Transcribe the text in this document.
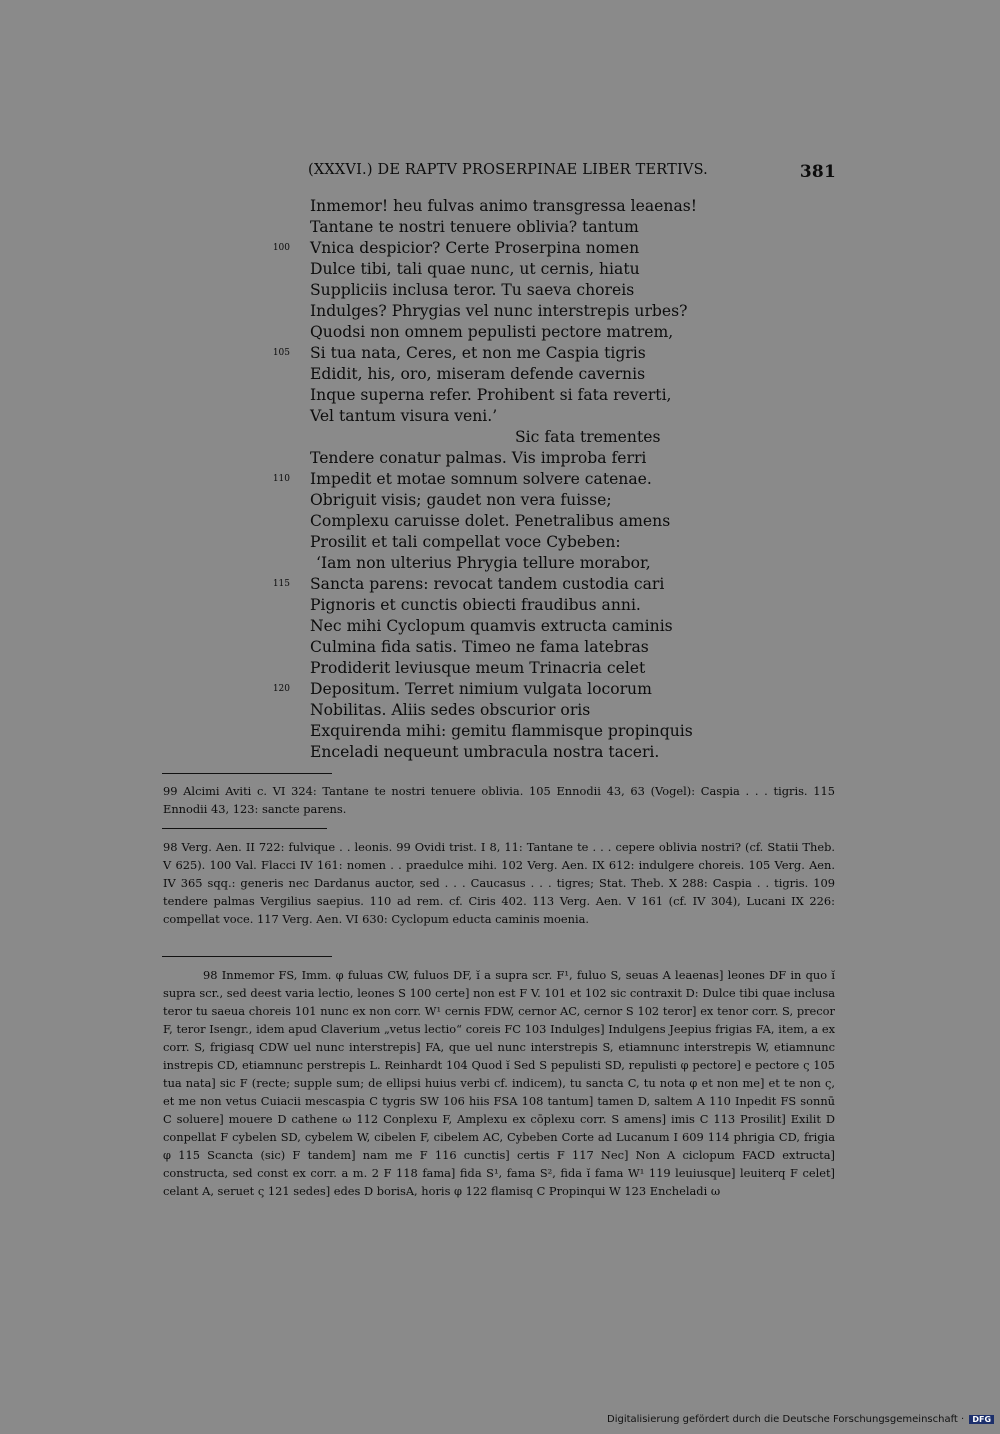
(XXXVI.) DE RAPTV PROSERPINAE LIBER TERTIVS.	381
Inmemor! heu fulvas animo transgressa leaenas!
Tantane te nostri tenuere oblivia? tantum
100 Vnica despicior? Certe Proserpina nomen
Dulce tibi, tali quae nunc, ut cernis, hiatu
Suppliciis inclusa teror. Tu saeva choreis
Indulges? Phrygias vel nunc interstrepis urbes?
Quodsi non omnem pepulisti pectore matrem,
105 Si tua nata, Ceres, et non me Caspia tigris
Edidit, his, oro, miseram defende cavernis
Inque superna refer. Prohibent si fata reverti,
Vel tantum visura veni.’
Sic fata trementes
Tendere conatur palmas. Vis improba ferri
110 Impedit et motae somnum solvere catenae.
Obriguit visis; gaudet non vera fuisse;
Complexu caruisse dolet. Penetralibus amens
Prosilit et tali compellat voce Cybeben:
‘Iam non ulterius Phrygia tellure morabor,
115 Sancta parens: revocat tandem custodia cari
Pignoris et cunctis obiecti fraudibus anni.
Nec mihi Cyclopum quamvis extructa caminis
Culmina fida satis. Timeo ne fama latebras
Prodiderit leviusque meum Trinacria celet
120 Depositum. Terret nimium vulgata locorum
Nobilitas. Aliis sedes obscurior oris
Exquirenda mihi: gemitu flammisque propinquis
Enceladi nequeunt umbracula nostra taceri.

99 Alcimi Aviti c. VI 324: Tantane te nostri tenuere oblivia. 105 Ennodii 43, 63 (Vogel): Caspia . . . tigris. 115 Ennodii 43, 123: sancte parens.

98 Verg. Aen. II 722: fulvique . . leonis. 99 Ovidi trist. I 8, 11: Tantane te . . . cepere oblivia nostri? (cf. Statii Theb. V 625). 100 Val. Flacci IV 161: nomen . . praedulce mihi. 102 Verg. Aen. IX 612: indulgere choreis. 105 Verg. Aen. IV 365 sqq.: generis nec Dardanus auctor, sed . . . Caucasus . . . tigres; Stat. Theb. X 288: Caspia . . tigris. 109 tendere palmas Vergilius saepius. 110 ad rem. cf. Ciris 402. 113 Verg. Aen. V 161 (cf. IV 304), Lucani IX 226: compellat voce. 117 Verg. Aen. VI 630: Cyclopum educta caminis moenia.

98 Inmemor FS, Imm. φ fuluas CW, fuluos DF, ĭ a supra scr. F¹, fuluo S, seuas A leaenas] leones DF in quo ĭ supra scr., sed deest varia lectio, leones S 100 certe] non est F V. 101 et 102 sic contraxit D: Dulce tibi quae inclusa teror tu saeua choreis 101 nunc ex non corr. W¹ cernis FDW, cernor AC, cernor S 102 teror] ex tenor corr. S, precor F, teror Isengr., idem apud Claverium „vetus lectio“ coreis FC 103 Indulges] Indulgens Jeepius frigias FA, item, a ex corr. S, frigiasq CDW uel nunc interstrepis] FA, que uel nunc interstrepis S, etiamnunc interstrepis W, etiamnunc instrepis CD, etiamnunc perstrepis L. Reinhardt 104 Quod ĭ Sed S pepulisti SD, repulisti φ pectore] e pectore ς 105 tua nata] sic F (recte; supple sum; de ellipsi huius verbi cf. indicem), tu sancta C, tu nota φ et non me] et te non ς, et me non vetus Cuiacii mescaspia C tygris SW 106 hiis FSA 108 tantum] tamen D, saltem A 110 Inpedit FS sonnū C soluere] mouere D cathene ω 112 Conplexu F, Amplexu ex cōplexu corr. S amens] imis C 113 Prosilit] Exilit D conpellat F cybelen SD, cybelem W, cibelen F, cibelem AC, Cybeben Corte ad Lucanum I 609 114 phrigia CD, frigia φ 115 Scancta (sic) F tandem] nam me F 116 cunctis] certis F 117 Nec] Non A ciclopum FACD extructa] constructa, sed const ex corr. a m. 2 F 118 fama] fida S¹, fama S², fida ĭ fama W¹ 119 leuiusque] leuiterq F celet] celant A, seruet ς 121 sedes] edes D borisA, horis φ 122 flamisq C Propinqui W 123 Encheladi ω

Digitalisierung gefördert durch die Deutsche Forschungsgemeinschaft · DFG
